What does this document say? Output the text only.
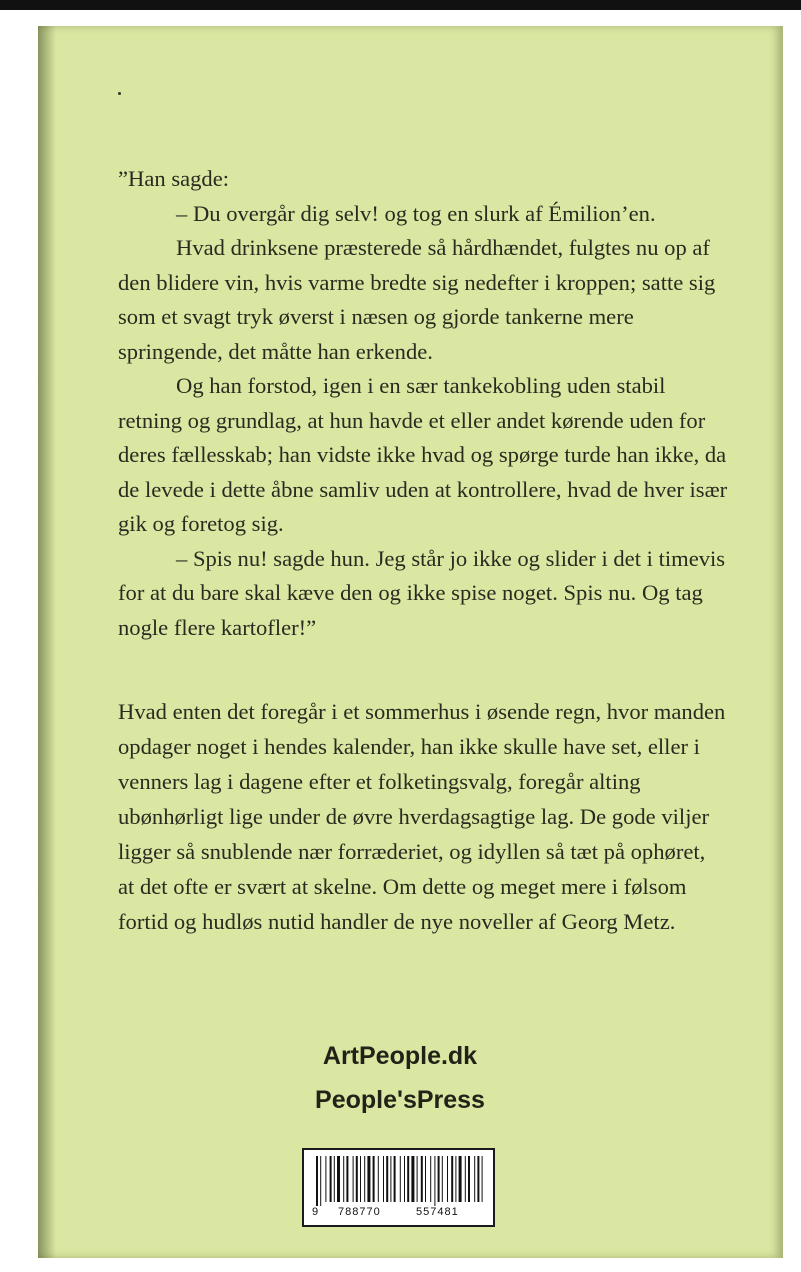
”Han sagde:

– Du overgår dig selv! og tog en slurk af Émilion’en.

Hvad drinksene præsterede så hårdhændet, fulgtes nu op af den blidere vin, hvis varme bredte sig nedefter i kroppen; satte sig som et svagt tryk øverst i næsen og gjorde tankerne mere springende, det måtte han erkende.

Og han forstod, igen i en sær tankekobling uden stabil retning og grundlag, at hun havde et eller andet kørende uden for deres fællesskab; han vidste ikke hvad og spørge turde han ikke, da de levede i dette åbne samliv uden at kontrollere, hvad de hver især gik og foretog sig.

– Spis nu! sagde hun. Jeg står jo ikke og slider i det i timevis for at du bare skal kæve den og ikke spise noget. Spis nu. Og tag nogle flere kartofler!”

Hvad enten det foregår i et sommerhus i øsende regn, hvor manden opdager noget i hendes kalender, han ikke skulle have set, eller i venners lag i dagene efter et folketingsvalg, foregår alting ubønhørligt lige under de øvre hverdagsagtige lag. De gode viljer ligger så snublende nær forræderiet, og idyllen så tæt på ophøret, at det ofte er svært at skelne. Om dette og meget mere i følsom fortid og hudløs nutid handler de nye noveller af Georg Metz.

ArtPeople.dk

People'sPress

9 788770	557481
